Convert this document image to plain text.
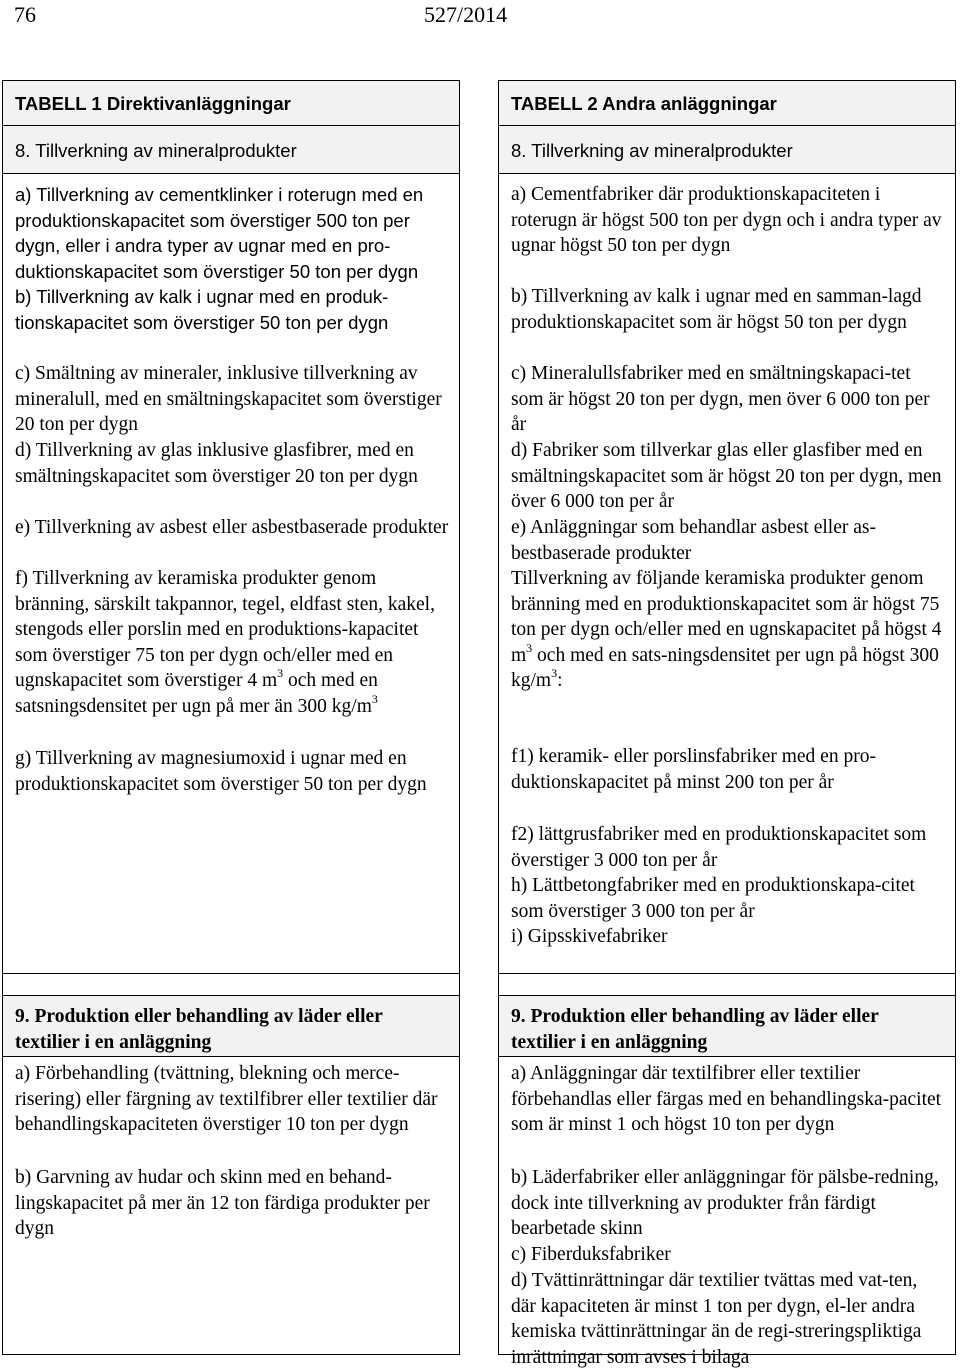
76	527/2014
TABELL 1 Direktivanläggningar
8. Tillverkning av mineralprodukter
a) Tillverkning av cementklinker i roterugn med en produktionskapacitet som överstiger 500 ton per dygn, eller i andra typer av ugnar med en pro-duktionskapacitet som överstiger 50 ton per dygn
b) Tillverkning av kalk i ugnar med en produk-tionskapacitet som överstiger 50 ton per dygn
c) Smältning av mineraler, inklusive tillverkning av mineralull, med en smältningskapacitet som överstiger 20 ton per dygn
d) Tillverkning av glas inklusive glasfibrer, med en smältningskapacitet som överstiger 20 ton per dygn
e) Tillverkning av asbest eller asbestbaserade produkter
f) Tillverkning av keramiska produkter genom bränning, särskilt takpannor, tegel, eldfast sten, kakel, stengods eller porslin med en produktions-kapacitet som överstiger 75 ton per dygn och/eller med en ugnskapacitet som överstiger 4 $m^3$ och med en satsningsdensitet per ugn på mer än 300 $kg/m^3$
g) Tillverkning av magnesiumoxid i ugnar med en produktionskapacitet som överstiger 50 ton per dygn
9. Produktion eller behandling av läder eller textilier i en anläggning
a) Förbehandling (tvättning, blekning och merce-risering) eller färgning av textilfibrer eller textilier där behandlingskapaciteten överstiger 10 ton per dygn
b) Garvning av hudar och skinn med en behand-lingskapacitet på mer än 12 ton färdiga produkter per dygn
TABELL 2 Andra anläggningar
8. Tillverkning av mineralprodukter
a) Cementfabriker där produktionskapaciteten i roterugn är högst 500 ton per dygn och i andra typer av ugnar högst 50 ton per dygn
b) Tillverkning av kalk i ugnar med en samman-lagd produktionskapacitet som är högst 50 ton per dygn
c) Mineralullsfabriker med en smältningskapaci-tet som är högst 20 ton per dygn, men över 6 000 ton per år
d) Fabriker som tillverkar glas eller glasfiber med en smältningskapacitet som är högst 20 ton per dygn, men över 6 000 ton per år
e) Anläggningar som behandlar asbest eller as-bestbaserade produkter
Tillverkning av följande keramiska produkter genom bränning med en produktionskapacitet som är högst 75 ton per dygn och/eller med en ugnskapacitet på högst 4 $m^3$ och med en sats-ningsdensitet per ugn på högst 300 $kg/m^3$:
f1) keramik- eller porslinsfabriker med en pro-duktionskapacitet på minst 200 ton per år
f2) lättgrusfabriker med en produktionskapacitet som överstiger 3 000 ton per år
h) Lättbetongfabriker med en produktionskapa-citet som överstiger 3 000 ton per år
i) Gipsskivefabriker
9. Produktion eller behandling av läder eller textilier i en anläggning
a) Anläggningar där textilfibrer eller textilier förbehandlas eller färgas med en behandlingska-pacitet som är minst 1 och högst 10 ton per dygn
b) Läderfabriker eller anläggningar för pälsbe-redning, dock inte tillverkning av produkter från färdigt bearbetade skinn
c) Fiberduksfabriker
d) Tvättinrättningar där textilier tvättas med vat-ten, där kapaciteten är minst 1 ton per dygn, el-ler andra kemiska tvättinrättningar än de regi-streringspliktiga inrättningar som avses i bilaga
